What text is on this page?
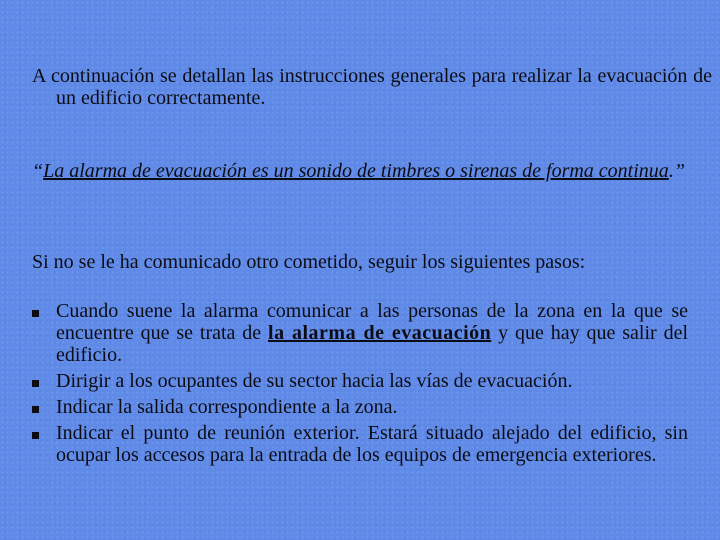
A continuación se detallan las instrucciones generales para realizar la evacuación de un edificio correctamente.

“La alarma de evacuación es un sonido de timbres o sirenas de forma continua.”

Si no se le ha comunicado otro cometido, seguir los siguientes pasos:

Cuando suene la alarma comunicar a las personas de la zona en la que se encuentre que se trata de la alarma de evacuación y que hay que salir del edificio.
Dirigir a los ocupantes de su sector hacia las vías de evacuación.
Indicar la salida correspondiente a la zona.
Indicar el punto de reunión exterior. Estará situado alejado del edificio, sin ocupar los accesos para la entrada de los equipos de emergencia exteriores.
